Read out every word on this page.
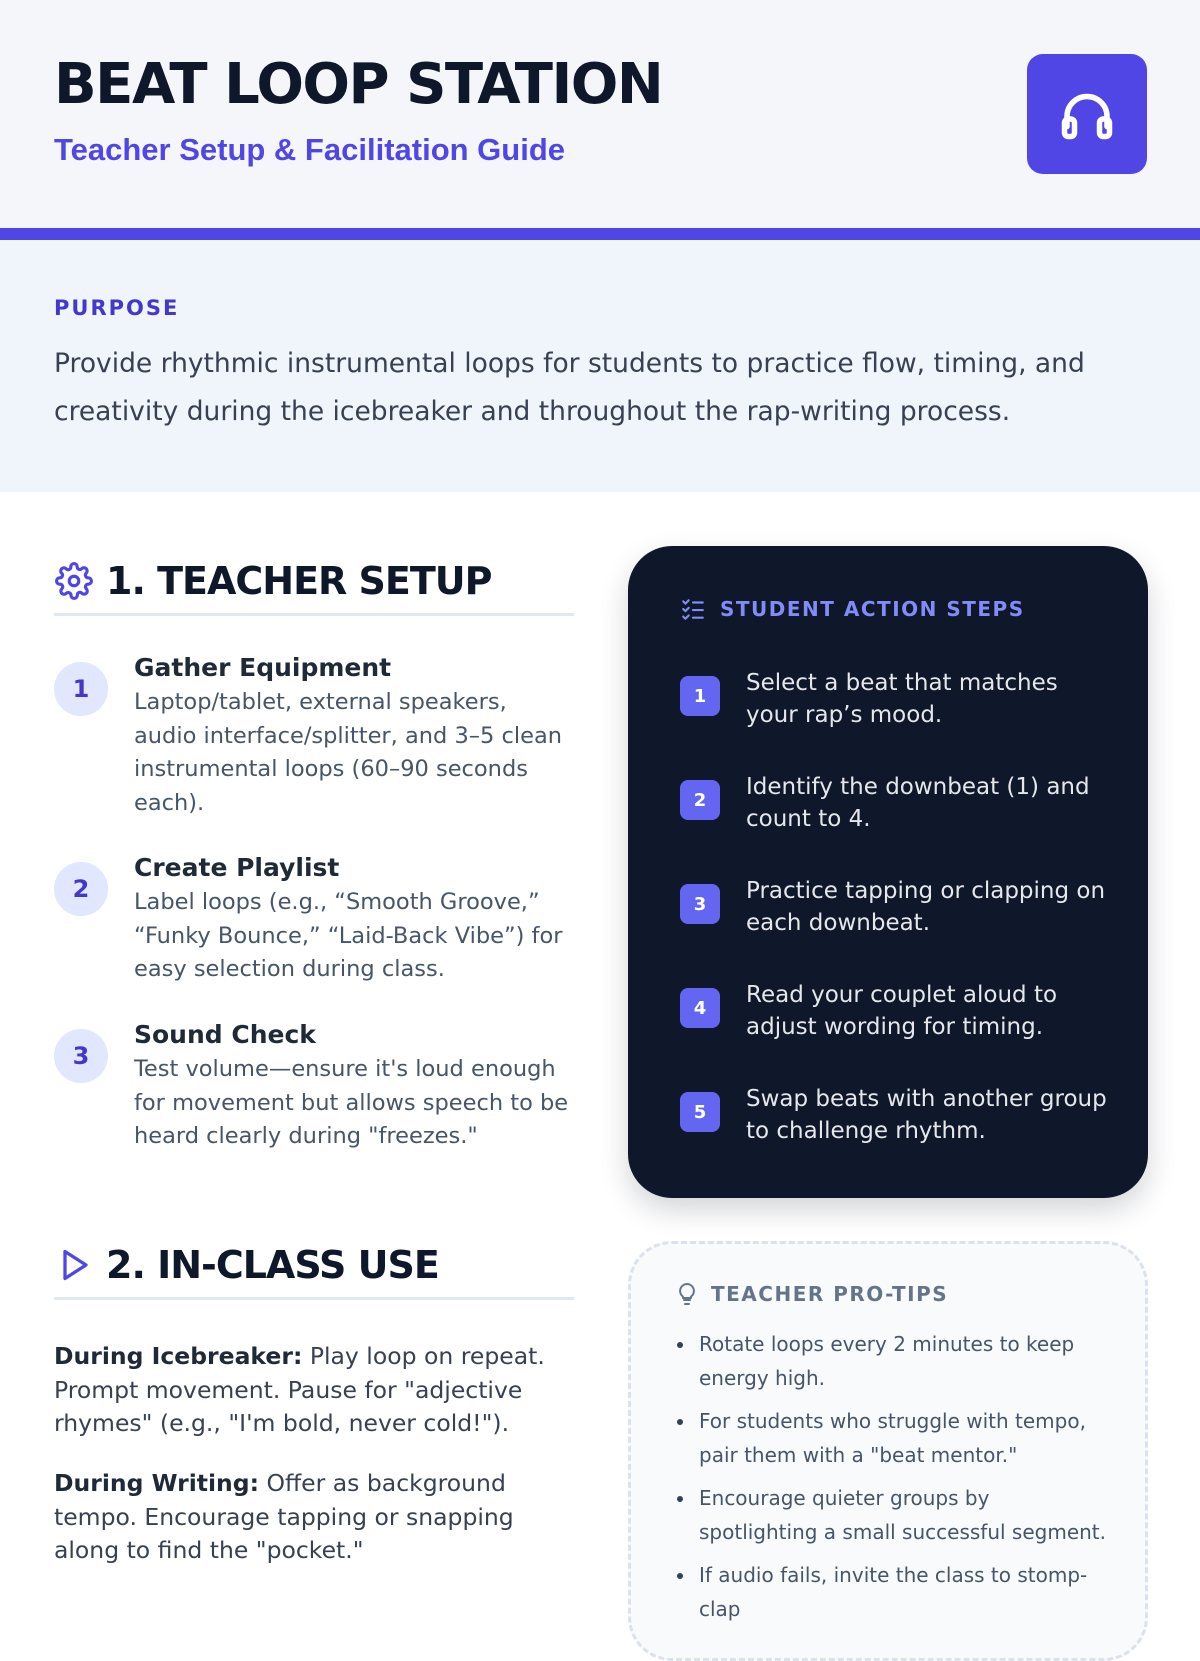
BEAT LOOP STATION

Teacher Setup & Facilitation Guide

PURPOSE

Provide rhythmic instrumental loops for students to practice flow, timing, and creativity during the icebreaker and throughout the rap-writing process.

1. TEACHER SETUP
1

Gather Equipment

Laptop/tablet, external speakers, audio interface/splitter, and 3–5 clean instrumental loops (60–90 seconds each).

2

Create Playlist

Label loops (e.g., “Smooth Groove,” “Funky Bounce,” “Laid-Back Vibe”) for easy selection during class.

3

Sound Check

Test volume—ensure it's loud enough for movement but allows speech to be heard clearly during "freezes."

2. IN-CLASS USE

During Icebreaker: Play loop on repeat. Prompt movement. Pause for "adjective rhymes" (e.g., "I'm bold, never cold!").

During Writing: Offer as background tempo. Encourage tapping or snapping along to find the "pocket."

STUDENT ACTION STEPS
1	Select a beat that matches your rap’s mood.

2	Identify the downbeat (1) and count to 4.

3	Practice tapping or clapping on each downbeat.

4	Read your couplet aloud to adjust wording for timing.

5	Swap beats with another group to challenge rhythm.

TEACHER PRO-TIPS
Rotate loops every 2 minutes to keep energy high.
For students who struggle with tempo, pair them with a "beat mentor."
Encourage quieter groups by spotlighting a small successful segment.
If audio fails, invite the class to stomp-clap
